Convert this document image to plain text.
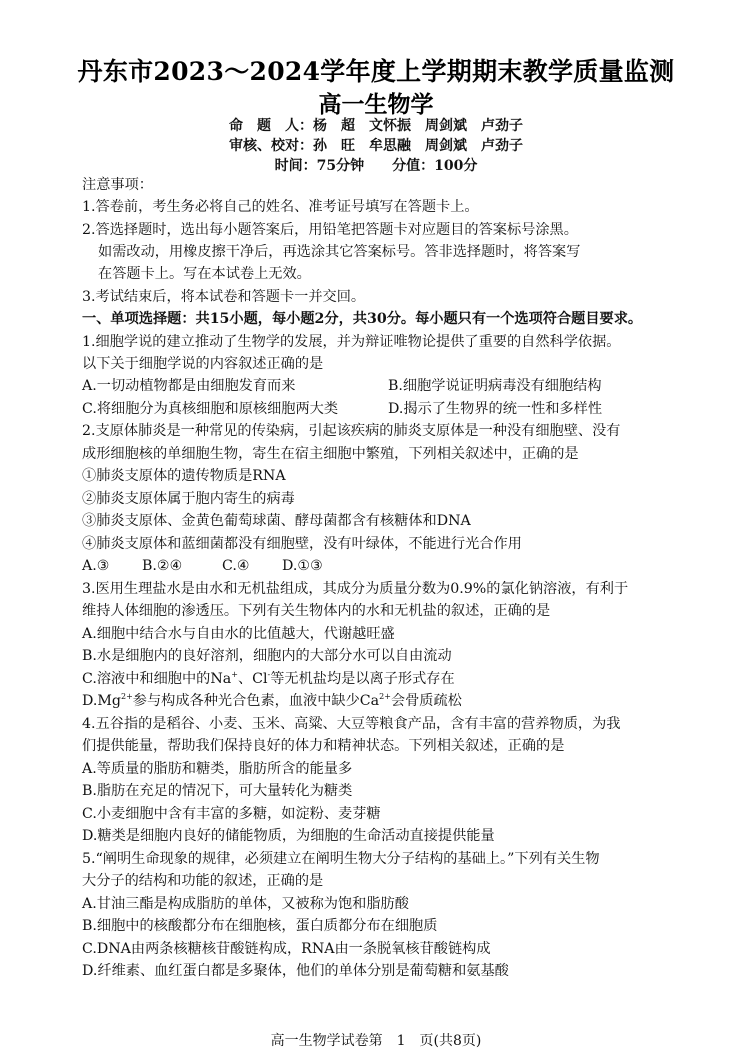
丹东市2023～2024学年度上学期期末教学质量监测
高一生物学
命　题　人：杨　超　文怀振　周剑斌　卢劲子
审核、校对：孙　旺　牟思融　周剑斌　卢劲子
时间：75分钟　　分值：100分
注意事项：
1.答卷前，考生务必将自己的姓名、准考证号填写在答题卡上。
2.答选择题时，选出每小题答案后，用铅笔把答题卡对应题目的答案标号涂黑。
如需改动，用橡皮擦干净后，再选涂其它答案标号。答非选择题时，将答案写
在答题卡上。写在本试卷上无效。
3.考试结束后，将本试卷和答题卡一并交回。
一、单项选择题：共15小题，每小题2分，共30分。每小题只有一个选项符合题目要求。
1.细胞学说的建立推动了生物学的发展，并为辩证唯物论提供了重要的自然科学依据。
以下关于细胞学说的内容叙述正确的是
A.一切动植物都是由细胞发育而来	B.细胞学说证明病毒没有细胞结构
C.将细胞分为真核细胞和原核细胞两大类	D.揭示了生物界的统一性和多样性
2.支原体肺炎是一种常见的传染病，引起该疾病的肺炎支原体是一种没有细胞壁、没有
成形细胞核的单细胞生物，寄生在宿主细胞中繁殖，下列相关叙述中，正确的是
①肺炎支原体的遗传物质是RNA
②肺炎支原体属于胞内寄生的病毒
③肺炎支原体、金黄色葡萄球菌、酵母菌都含有核糖体和DNA
④肺炎支原体和蓝细菌都没有细胞壁，没有叶绿体，不能进行光合作用
A.③ B.②④	C.④ D.①③
3.医用生理盐水是由水和无机盐组成，其成分为质量分数为0.9%的氯化钠溶液，有利于
维持人体细胞的渗透压。下列有关生物体内的水和无机盐的叙述，正确的是
A.细胞中结合水与自由水的比值越大，代谢越旺盛
B.水是细胞内的良好溶剂，细胞内的大部分水可以自由流动
C.溶液中和细胞中的Na+、Cl-等无机盐均是以离子形式存在
$D.Mg^{2+}$参与构成各种光合色素，血液中缺少$Ca^{2+}$会骨质疏松
4.五谷指的是稻谷、小麦、玉米、高粱、大豆等粮食产品，含有丰富的营养物质，为我
们提供能量，帮助我们保持良好的体力和精神状态。下列相关叙述，正确的是
A.等质量的脂肪和糖类，脂肪所含的能量多
B.脂肪在充足的情况下，可大量转化为糖类
C.小麦细胞中含有丰富的多糖，如淀粉、麦芽糖
D.糖类是细胞内良好的储能物质，为细胞的生命活动直接提供能量
5.“阐明生命现象的规律，必须建立在阐明生物大分子结构的基础上。”下列有关生物
大分子的结构和功能的叙述，正确的是
A.甘油三酯是构成脂肪的单体，又被称为饱和脂肪酸
B.细胞中的核酸都分布在细胞核，蛋白质都分布在细胞质
C.DNA由两条核糖核苷酸链构成，RNA由一条脱氧核苷酸链构成
D.纤维素、血红蛋白都是多聚体，他们的单体分别是葡萄糖和氨基酸
高一生物学试卷第　1　页(共8页)
